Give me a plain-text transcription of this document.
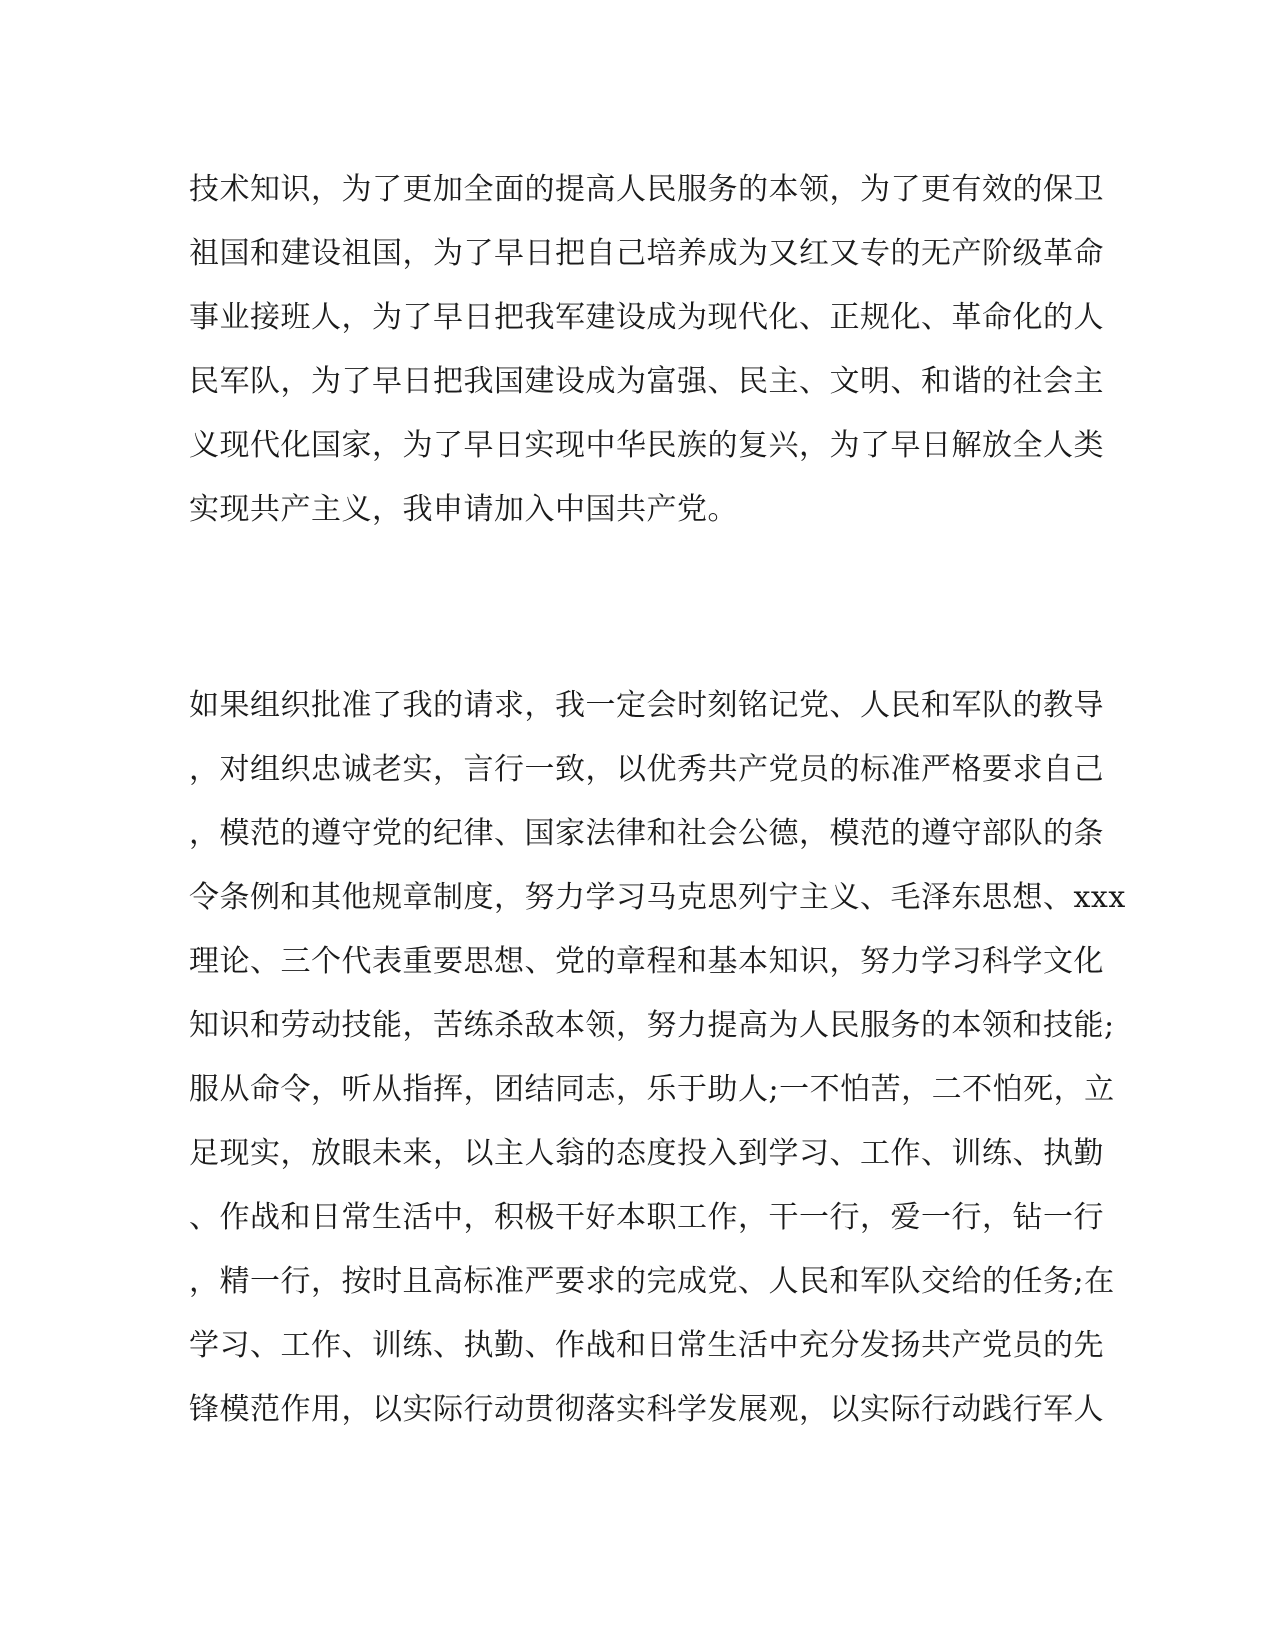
技术知识，为了更加全面的提高人民服务的本领，为了更有效的保卫
祖国和建设祖国，为了早日把自己培养成为又红又专的无产阶级革命
事业接班人，为了早日把我军建设成为现代化、正规化、革命化的人
民军队，为了早日把我国建设成为富强、民主、文明、和谐的社会主
义现代化国家，为了早日实现中华民族的复兴，为了早日解放全人类
实现共产主义，我申请加入中国共产党。
如果组织批准了我的请求，我一定会时刻铭记党、人民和军队的教导
，对组织忠诚老实，言行一致，以优秀共产党员的标准严格要求自己
，模范的遵守党的纪律、国家法律和社会公德，模范的遵守部队的条
令条例和其他规章制度，努力学习马克思列宁主义、毛泽东思想、xxx
理论、三个代表重要思想、党的章程和基本知识，努力学习科学文化
知识和劳动技能，苦练杀敌本领，努力提高为人民服务的本领和技能;
服从命令，听从指挥，团结同志，乐于助人;一不怕苦，二不怕死，立
足现实，放眼未来，以主人翁的态度投入到学习、工作、训练、执勤
、作战和日常生活中，积极干好本职工作，干一行，爱一行，钻一行
，精一行，按时且高标准严要求的完成党、人民和军队交给的任务;在
学习、工作、训练、执勤、作战和日常生活中充分发扬共产党员的先
锋模范作用，以实际行动贯彻落实科学发展观，以实际行动践行军人
